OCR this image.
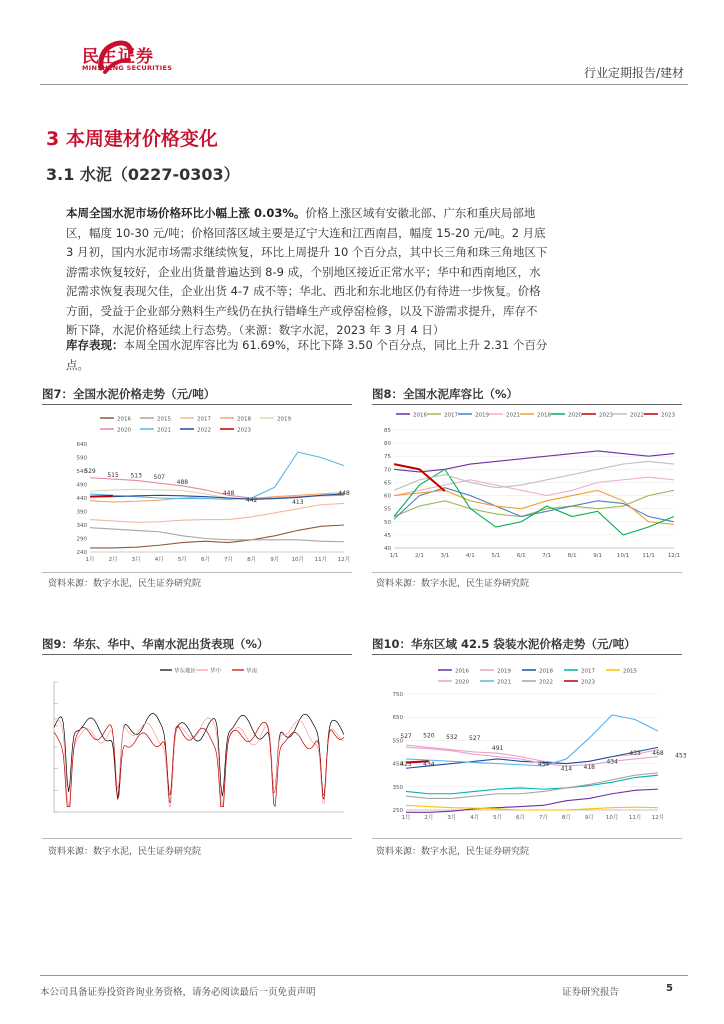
民生证券
MINSHENG SECURITIES	行业定期报告/建材
3 本周建材价格变化
3.1 水泥（0227-0303）
本周全国水泥市场价格环比小幅上涨 0.03%。价格上涨区域有安徽北部、广东和重庆局部地区，幅度 10-30 元/吨；价格回落区域主要是辽宁大连和江西南昌，幅度 15-20 元/吨。2 月底 3 月初，国内水泥市场需求继续恢复，环比上周提升 10 个百分点，其中长三角和珠三角地区下游需求恢复较好，企业出货量普遍达到 8-9 成，个别地区接近正常水平；华中和西南地区，水泥需求恢复表现欠佳，企业出货 4-7 成不等；华北、西北和东北地区仍有待进一步恢复。价格方面，受益于企业部分熟料生产线仍在执行错峰生产或停窑检修，以及下游需求提升，库存不断下降，水泥价格延续上行态势。（来源：数字水泥，2023 年 3 月 4 日）
库存表现：本周全国水泥库容比为 61.69%，环比下降 3.50 个百分点，同比上升 2.31 个百分点。
图7：全国水泥价格走势（元/吨）	图8：全国水泥库容比（%）
资料来源：数字水泥，民生证券研究院	资料来源：数字水泥，民生证券研究院
图9：华东、华中、华南水泥出货表现（%）	图10：华东区域 42.5 袋装水泥价格走势（元/吨）
资料来源：数字水泥，民生证券研究院	资料来源：数字水泥，民生证券研究院
2016	2015	2017	2018	2019
2020	2021	2022	2023
640
590
540
490
440
390
340
290
240
1月	2月	3月	4月	5月	6月	7月	8月	9月 10月 11月 12月
529
515 513 507
488
448
442	413
448
2016	2017	2019	2021	2018	2020	2023	2022	2023
85
80
75
70
65
60
55
50
45
40
1/1	2/1	3/1	4/1	5/1	6/1	7/1	8/1	9/1	10/1 11/1 12/1
华东地区	华中	华南	2016	2019	2018	2017	2015
2020	2021	2022	2023
750
650
550
450
350
250
1月	2月	3月	4月	5月	6月	7月	8月	9月 10月 11月 12月
527 520 532 527
491
434
414 418
434
433 468 453
425 434
本公司具备证券投资咨询业务资格，请务必阅读最后一页免责声明	证券研究报告	5
